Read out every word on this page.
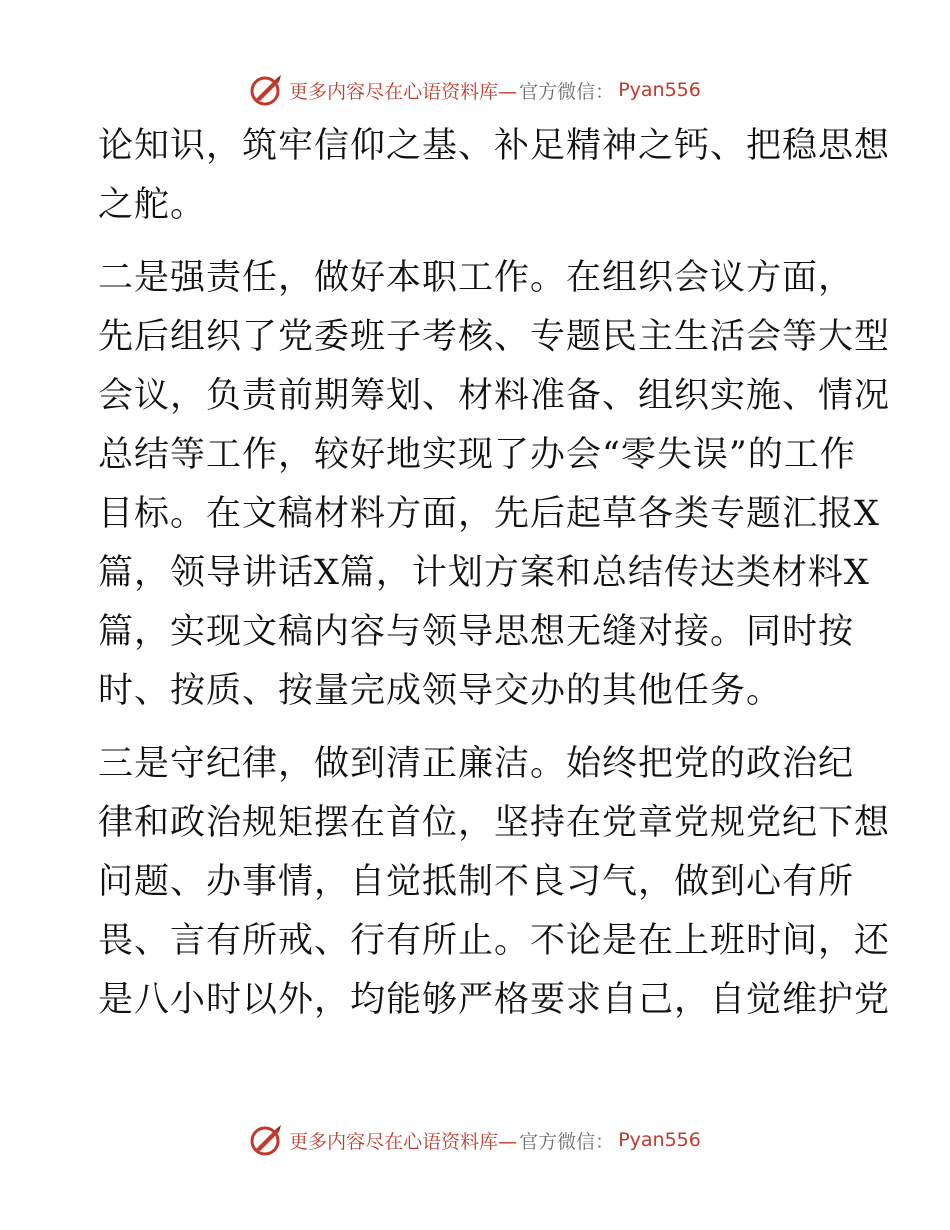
更多内容尽在心语资料库— 官方微信： Pyan556
论知识，筑牢信仰之基、补足精神之钙、把稳思想
之舵。
二是强责任，做好本职工作。在组织会议方面，
先后组织了党委班子考核、专题民主生活会等大型
会议，负责前期筹划、材料准备、组织实施、情况
总结等工作，较好地实现了办会“零失误”的工作
目标。在文稿材料方面，先后起草各类专题汇报X
篇，领导讲话X篇，计划方案和总结传达类材料X
篇，实现文稿内容与领导思想无缝对接。同时按
时、按质、按量完成领导交办的其他任务。
三是守纪律，做到清正廉洁。始终把党的政治纪
律和政治规矩摆在首位，坚持在党章党规党纪下想
问题、办事情，自觉抵制不良习气，做到心有所
畏、言有所戒、行有所止。不论是在上班时间，还
是八小时以外，均能够严格要求自己，自觉维护党
更多内容尽在心语资料库— 官方微信： Pyan556
